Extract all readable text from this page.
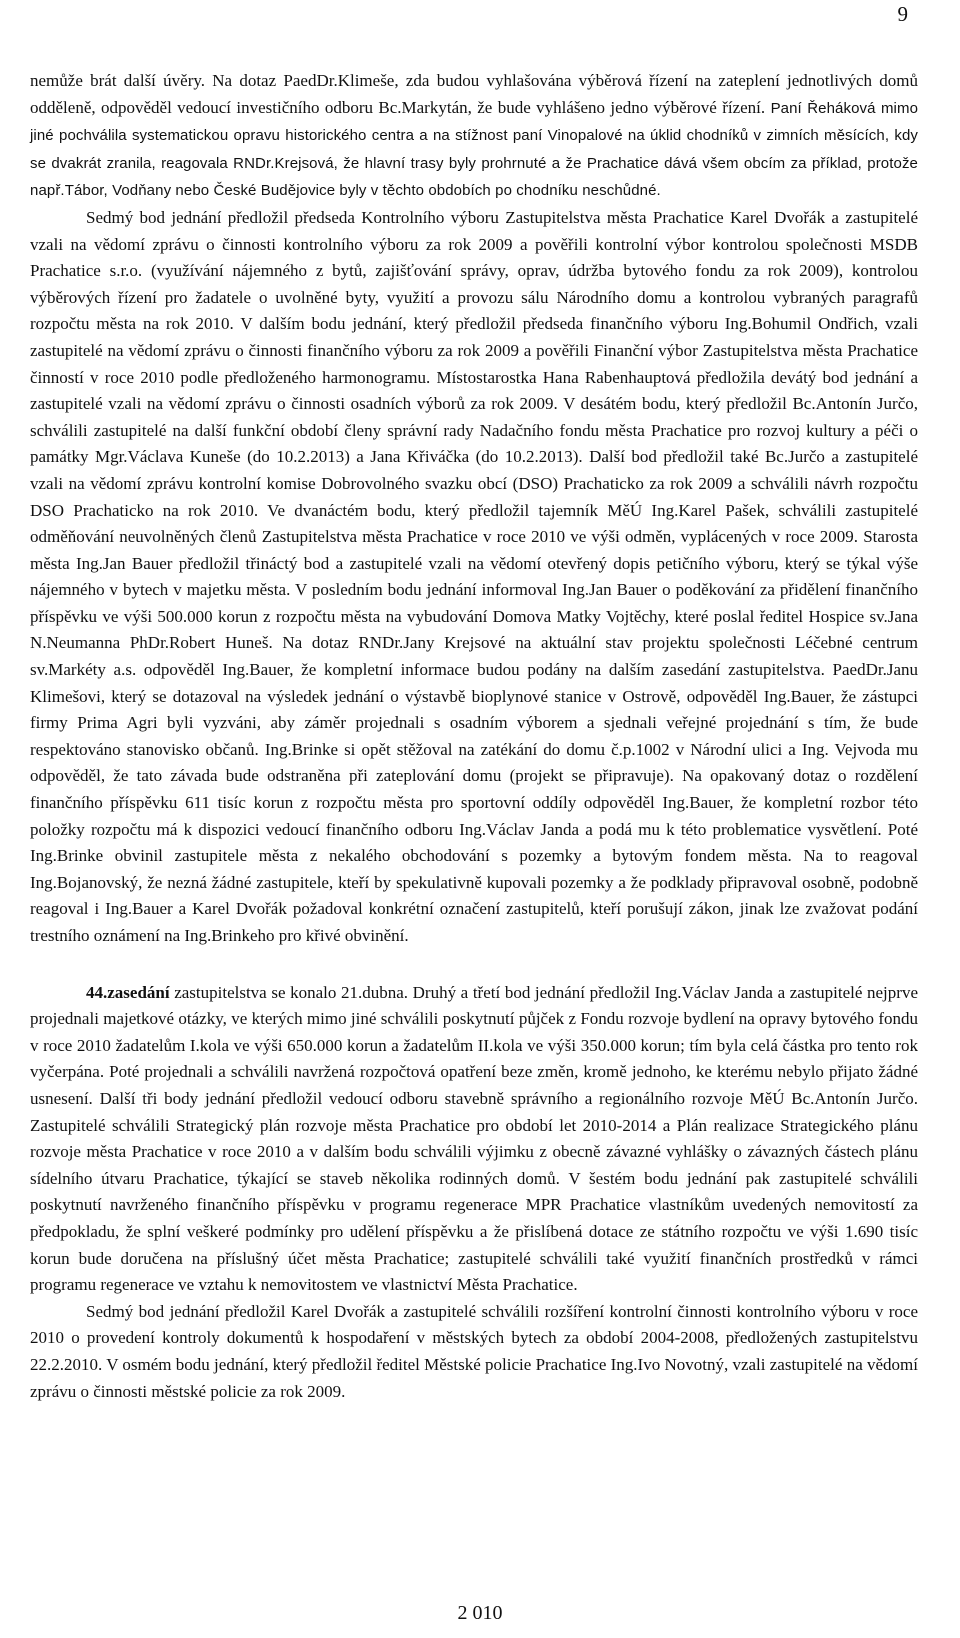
9

nemůže brát další úvěry. Na dotaz PaedDr.Klimeše, zda budou vyhlašována výběrová řízení na zateplení jednotlivých domů odděleně, odpověděl vedoucí investičního odboru Bc.Markytán, že bude vyhlášeno jedno výběrové řízení. Paní Řeháková mimo jiné pochválila systematickou opravu historického centra a na stížnost paní Vinopalové na úklid chodníků v zimních měsících, kdy se dvakrát zranila, reagovala RNDr.Krejsová, že hlavní trasy byly prohrnuté a že Prachatice dává všem obcím za příklad, protože např.Tábor, Vodňany nebo České Budějovice byly v těchto obdobích po chodníku neschůdné.

Sedmý bod jednání předložil předseda Kontrolního výboru Zastupitelstva města Prachatice Karel Dvořák a zastupitelé vzali na vědomí zprávu o činnosti kontrolního výboru za rok 2009 a pověřili kontrolní výbor kontrolou společnosti MSDB Prachatice s.r.o. (využívání nájemného z bytů, zajišťování správy, oprav, údržba bytového fondu za rok 2009), kontrolou výběrových řízení pro žadatele o uvolněné byty, využití a provozu sálu Národního domu a kontrolou vybraných paragrafů rozpočtu města na rok 2010. V dalším bodu jednání, který předložil předseda finančního výboru Ing.Bohumil Ondřich, vzali zastupitelé na vědomí zprávu o činnosti finančního výboru za rok 2009 a pověřili Finanční výbor Zastupitelstva města Prachatice činností v roce 2010 podle předloženého harmonogramu. Místostarostka Hana Rabenhauptová předložila devátý bod jednání a zastupitelé vzali na vědomí zprávu o činnosti osadních výborů za rok 2009. V desátém bodu, který předložil Bc.Antonín Jurčo, schválili zastupitelé na další funkční období členy správní rady Nadačního fondu města Prachatice pro rozvoj kultury a péči o památky Mgr.Václava Kuneše (do 10.2.2013) a Jana Křiváčka (do 10.2.2013). Další bod předložil také Bc.Jurčo a zastupitelé vzali na vědomí zprávu kontrolní komise Dobrovolného svazku obcí (DSO) Prachaticko za rok 2009 a schválili návrh rozpočtu DSO Prachaticko na rok 2010. Ve dvanáctém bodu, který předložil tajemník MěÚ Ing.Karel Pašek, schválili zastupitelé odměňování neuvolněných členů Zastupitelstva města Prachatice v roce 2010 ve výši odměn, vyplácených v roce 2009. Starosta města Ing.Jan Bauer předložil třináctý bod a zastupitelé vzali na vědomí otevřený dopis petičního výboru, který se týkal výše nájemného v bytech v majetku města. V posledním bodu jednání informoval Ing.Jan Bauer o poděkování za přidělení finančního příspěvku ve výši 500.000 korun z rozpočtu města na vybudování Domova Matky Vojtěchy, které poslal ředitel Hospice sv.Jana N.Neumanna PhDr.Robert Huneš. Na dotaz RNDr.Jany Krejsové na aktuální stav projektu společnosti Léčebné centrum sv.Markéty a.s. odpověděl Ing.Bauer, že kompletní informace budou podány na dalším zasedání zastupitelstva. PaedDr.Janu Klimešovi, který se dotazoval na výsledek jednání o výstavbě bioplynové stanice v Ostrově, odpověděl Ing.Bauer, že zástupci firmy Prima Agri byli vyzváni, aby záměr projednali s osadním výborem a sjednali veřejné projednání s tím, že bude respektováno stanovisko občanů. Ing.Brinke si opět stěžoval na zatékání do domu č.p.1002 v Národní ulici a Ing. Vejvoda mu odpověděl, že tato závada bude odstraněna při zateplování domu (projekt se připravuje). Na opakovaný dotaz o rozdělení finančního příspěvku 611 tisíc korun z rozpočtu města pro sportovní oddíly odpověděl Ing.Bauer, že kompletní rozbor této položky rozpočtu má k dispozici vedoucí finančního odboru Ing.Václav Janda a podá mu k této problematice vysvětlení. Poté Ing.Brinke obvinil zastupitele města z nekalého obchodování s pozemky a bytovým fondem města. Na to reagoval Ing.Bojanovský, že nezná žádné zastupitele, kteří by spekulativně kupovali pozemky a že podklady připravoval osobně, podobně reagoval i Ing.Bauer a Karel Dvořák požadoval konkrétní označení zastupitelů, kteří porušují zákon, jinak lze zvažovat podání trestního oznámení na Ing.Brinkeho pro křivé obvinění.

44.zasedání zastupitelstva se konalo 21.dubna. Druhý a třetí bod jednání předložil Ing.Václav Janda a zastupitelé nejprve projednali majetkové otázky, ve kterých mimo jiné schválili poskytnutí půjček z Fondu rozvoje bydlení na opravy bytového fondu v roce 2010 žadatelům I.kola ve výši 650.000 korun a žadatelům II.kola ve výši 350.000 korun; tím byla celá částka pro tento rok vyčerpána. Poté projednali a schválili navržená rozpočtová opatření beze změn, kromě jednoho, ke kterému nebylo přijato žádné usnesení. Další tři body jednání předložil vedoucí odboru stavebně správního a regionálního rozvoje MěÚ Bc.Antonín Jurčo. Zastupitelé schválili Strategický plán rozvoje města Prachatice pro období let 2010-2014 a Plán realizace Strategického plánu rozvoje města Prachatice v roce 2010 a v dalším bodu schválili výjimku z obecně závazné vyhlášky o závazných částech plánu sídelního útvaru Prachatice, týkající se staveb několika rodinných domů. V šestém bodu jednání pak zastupitelé schválili poskytnutí navrženého finančního příspěvku v programu regenerace MPR Prachatice vlastníkům uvedených nemovitostí za předpokladu, že splní veškeré podmínky pro udělení příspěvku a že přislíbená dotace ze státního rozpočtu ve výši 1.690 tisíc korun bude doručena na příslušný účet města Prachatice; zastupitelé schválili také využití finančních prostředků v rámci programu regenerace ve vztahu k nemovitostem ve vlastnictví Města Prachatice.

Sedmý bod jednání předložil Karel Dvořák a zastupitelé schválili rozšíření kontrolní činnosti kontrolního výboru v roce 2010 o provedení kontroly dokumentů k hospodaření v městských bytech za období 2004-2008, předložených zastupitelstvu 22.2.2010. V osmém bodu jednání, který předložil ředitel Městské policie Prachatice Ing.Ivo Novotný, vzali zastupitelé na vědomí zprávu o činnosti městské policie za rok 2009.

2 010
